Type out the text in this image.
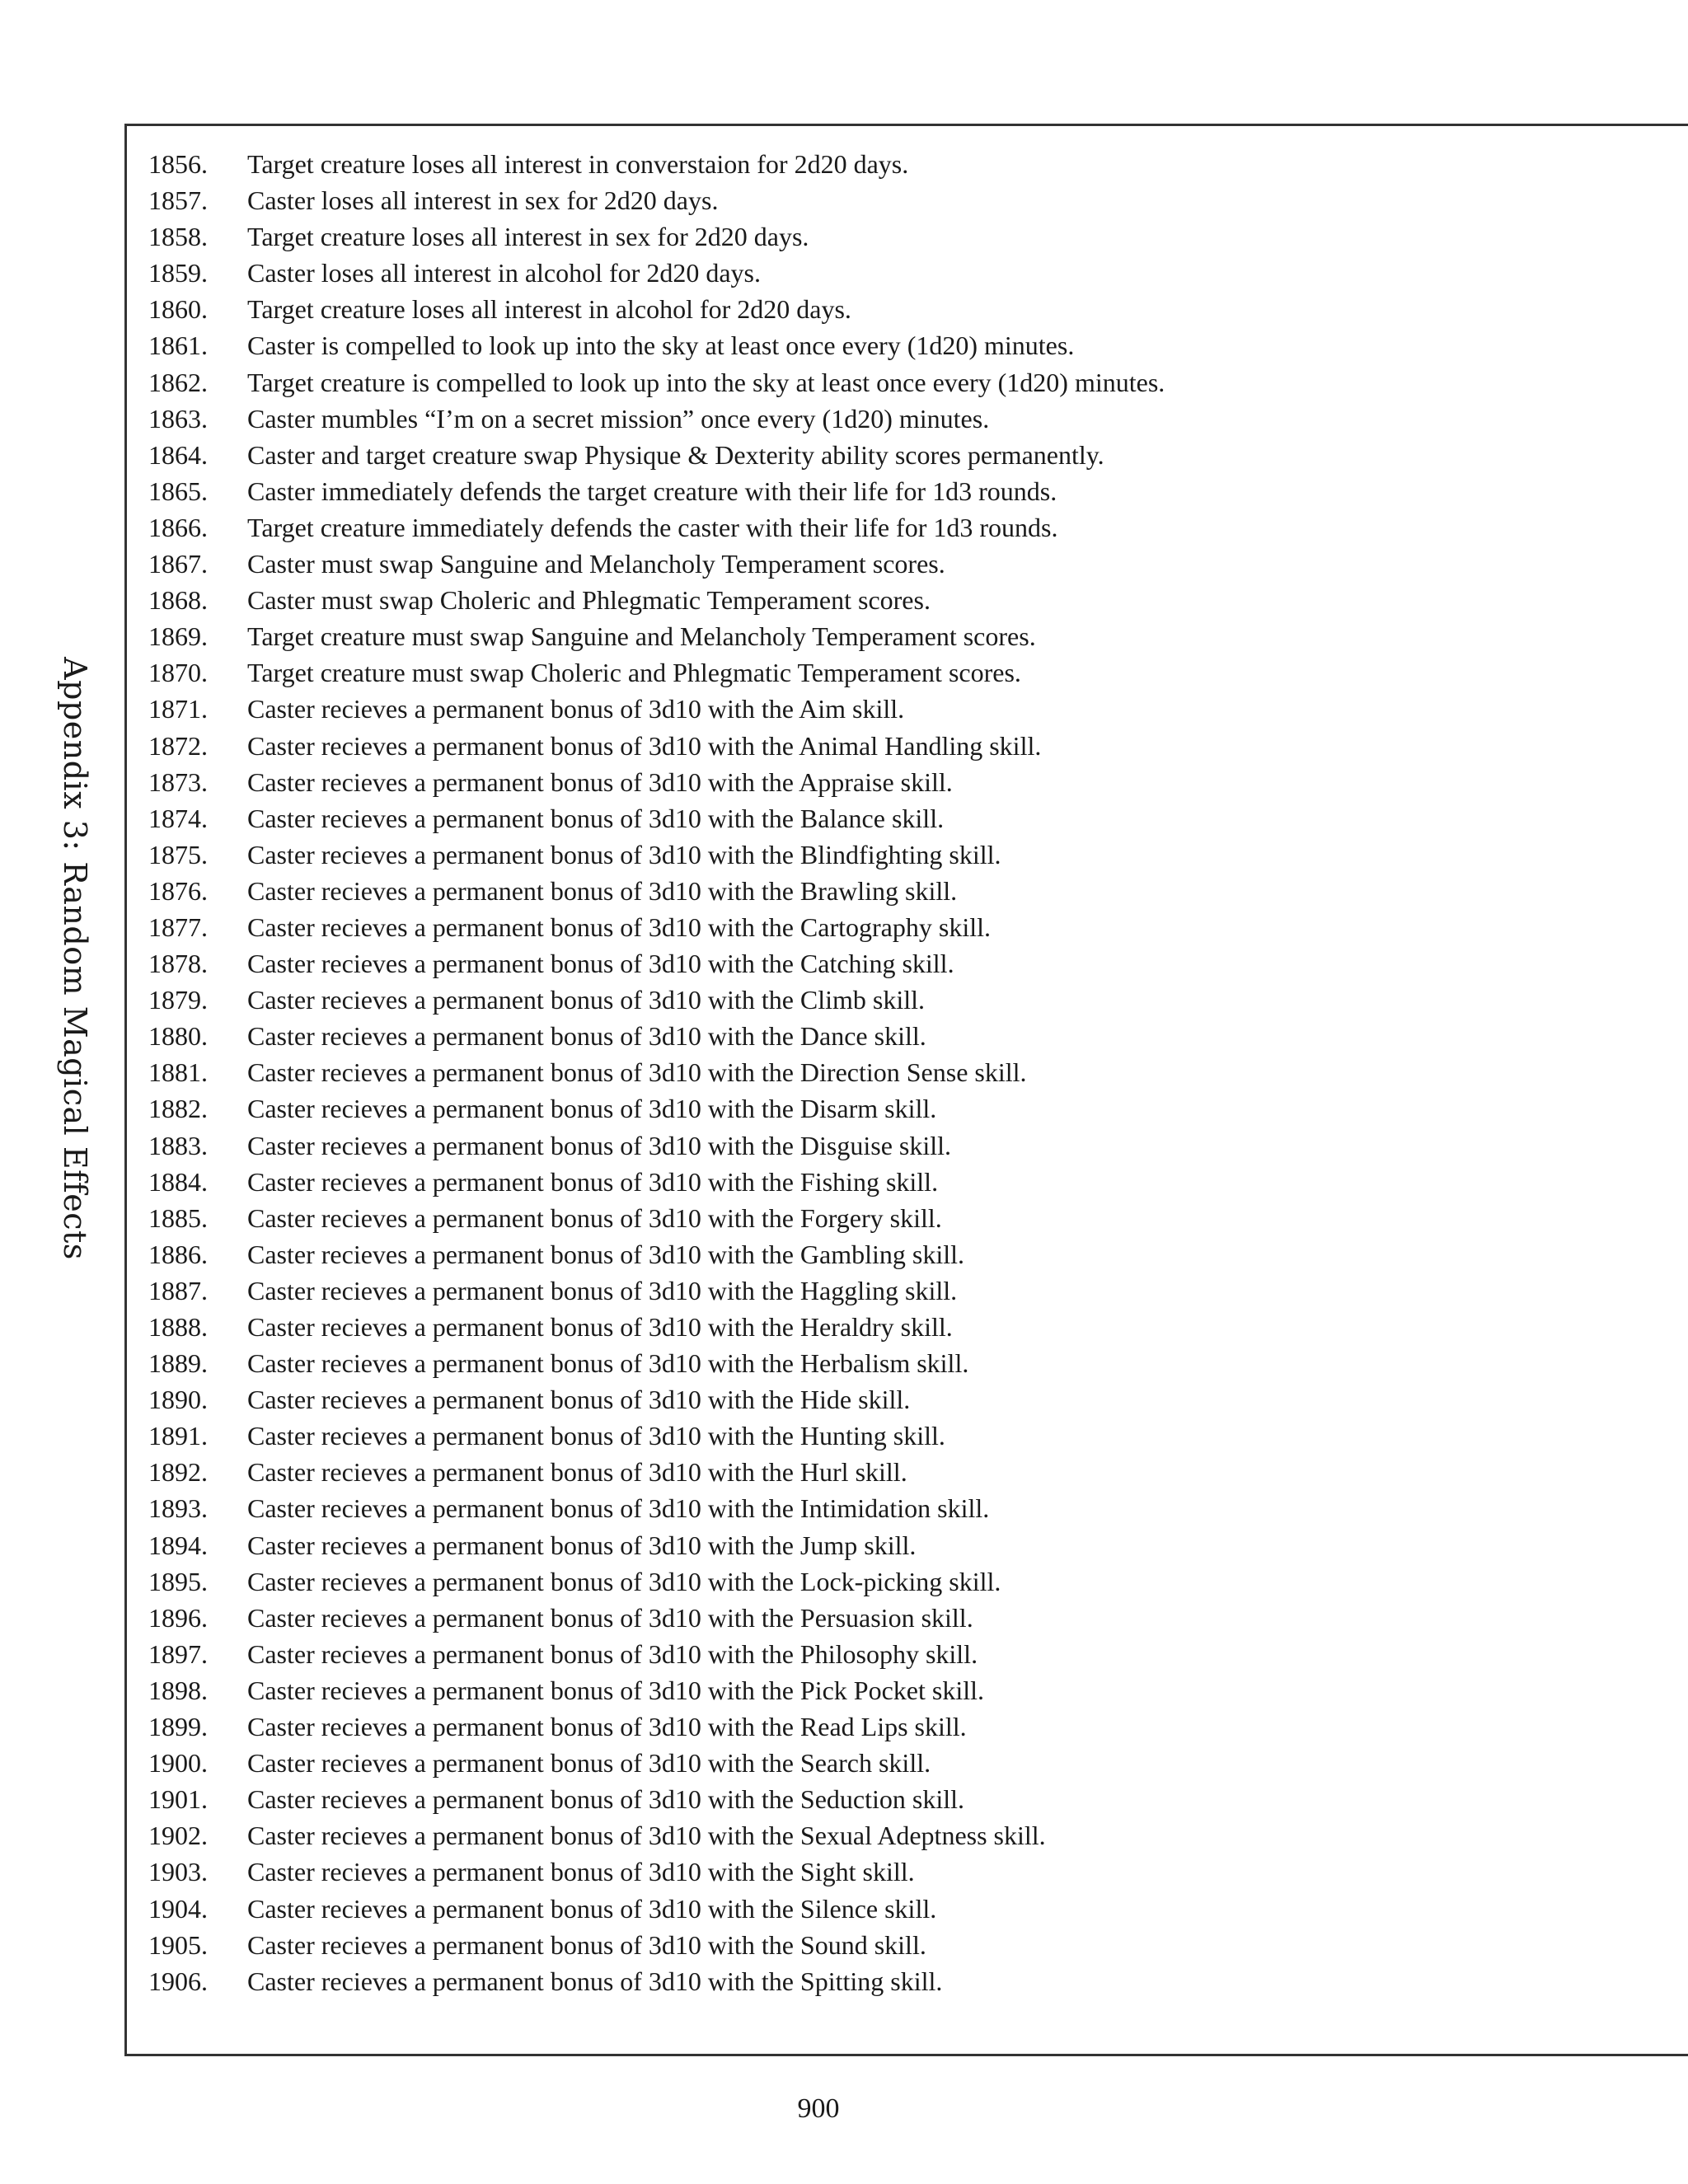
Appendix 3: Random Magical Effects
1856. Target creature loses all interest in converstaion for 2d20 days.
1857. Caster loses all interest in sex for 2d20 days.
1858. Target creature loses all interest in sex for 2d20 days.
1859. Caster loses all interest in alcohol for 2d20 days.
1860. Target creature loses all interest in alcohol for 2d20 days.
1861. Caster is compelled to look up into the sky at least once every (1d20) minutes.
1862. Target creature is compelled to look up into the sky at least once every (1d20) minutes.
1863. Caster mumbles “I’m on a secret mission” once every (1d20) minutes.
1864. Caster and target creature swap Physique & Dexterity ability scores permanently.
1865. Caster immediately defends the target creature with their life for 1d3 rounds.
1866. Target creature immediately defends the caster with their life for 1d3 rounds.
1867. Caster must swap Sanguine and Melancholy Temperament scores.
1868. Caster must swap Choleric and Phlegmatic Temperament scores.
1869. Target creature must swap Sanguine and Melancholy Temperament scores.
1870. Target creature must swap Choleric and Phlegmatic Temperament scores.
1871. Caster recieves a permanent bonus of 3d10 with the Aim skill.
1872. Caster recieves a permanent bonus of 3d10 with the Animal Handling skill.
1873. Caster recieves a permanent bonus of 3d10 with the Appraise skill.
1874. Caster recieves a permanent bonus of 3d10 with the Balance skill.
1875. Caster recieves a permanent bonus of 3d10 with the Blindfighting skill.
1876. Caster recieves a permanent bonus of 3d10 with the Brawling skill.
1877. Caster recieves a permanent bonus of 3d10 with the Cartography skill.
1878. Caster recieves a permanent bonus of 3d10 with the Catching skill.
1879. Caster recieves a permanent bonus of 3d10 with the Climb skill.
1880. Caster recieves a permanent bonus of 3d10 with the Dance skill.
1881. Caster recieves a permanent bonus of 3d10 with the Direction Sense skill.
1882. Caster recieves a permanent bonus of 3d10 with the Disarm skill.
1883. Caster recieves a permanent bonus of 3d10 with the Disguise skill.
1884. Caster recieves a permanent bonus of 3d10 with the Fishing skill.
1885. Caster recieves a permanent bonus of 3d10 with the Forgery skill.
1886. Caster recieves a permanent bonus of 3d10 with the Gambling skill.
1887. Caster recieves a permanent bonus of 3d10 with the Haggling skill.
1888. Caster recieves a permanent bonus of 3d10 with the Heraldry skill.
1889. Caster recieves a permanent bonus of 3d10 with the Herbalism skill.
1890. Caster recieves a permanent bonus of 3d10 with the Hide skill.
1891. Caster recieves a permanent bonus of 3d10 with the Hunting skill.
1892. Caster recieves a permanent bonus of 3d10 with the Hurl skill.
1893. Caster recieves a permanent bonus of 3d10 with the Intimidation skill.
1894. Caster recieves a permanent bonus of 3d10 with the Jump skill.
1895. Caster recieves a permanent bonus of 3d10 with the Lock-picking skill.
1896. Caster recieves a permanent bonus of 3d10 with the Persuasion skill.
1897. Caster recieves a permanent bonus of 3d10 with the Philosophy skill.
1898. Caster recieves a permanent bonus of 3d10 with the Pick Pocket skill.
1899. Caster recieves a permanent bonus of 3d10 with the Read Lips skill.
1900. Caster recieves a permanent bonus of 3d10 with the Search skill.
1901. Caster recieves a permanent bonus of 3d10 with the Seduction skill.
1902. Caster recieves a permanent bonus of 3d10 with the Sexual Adeptness skill.
1903. Caster recieves a permanent bonus of 3d10 with the Sight skill.
1904. Caster recieves a permanent bonus of 3d10 with the Silence skill.
1905. Caster recieves a permanent bonus of 3d10 with the Sound skill.
1906. Caster recieves a permanent bonus of 3d10 with the Spitting skill.
900
